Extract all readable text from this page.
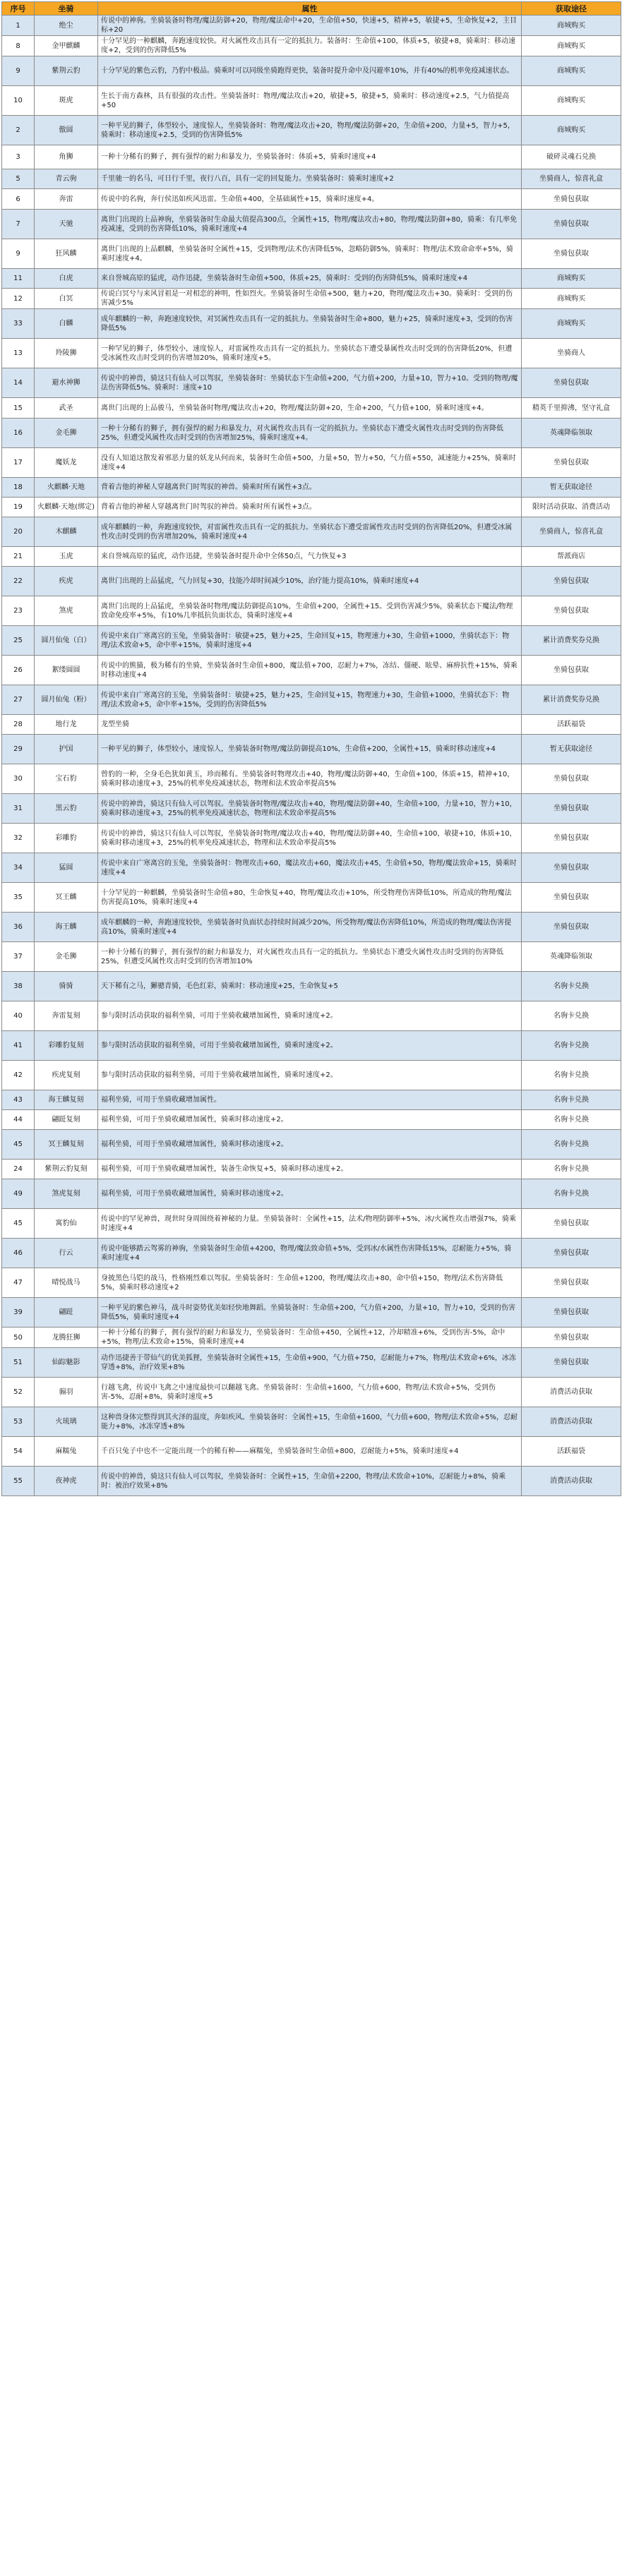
序号	坐骑	属性	获取途径
1	绝尘	传说中的神驹。坐骑装备时物理/魔法防御+20，物理/魔法命中+20，生命值+50，快速+5，精神+5，敏捷+5，生命恢复+2，主目标+20	商城购买
8	金甲麒麟	十分罕见的一种麒麟，奔跑速度较快。对火属性攻击具有一定的抵抗力。装备时：生命值+100，体质+5，敏捷+8，骑乘时：移动速度+2，受到的伤害降低5%	商城购买
9	紫荆云豹	十分罕见的紫色云豹，乃豹中极品。骑乘时可以同级坐骑跑得更快，装备时提升命中及闪避率10%，并有40%的机率免疫减速状态。	商城购买
10	斑虎	生长于南方森林，具有很强的攻击性。坐骑装备时：物理/魔法攻击+20，敏捷+5，敏捷+5，骑乘时：移动速度+2.5，气力值提高+50	商城购买
2	傲圆	一种平见的狮子，体型较小，速度惊人，坐骑装备时：物理/魔法攻击+20，物理/魔法防御+20，生命值+200，力量+5，智力+5，骑乘时：移动速度+2.5，受到的伤害降低5%	商城购买
3	角狮	一种十分稀有的狮子，拥有强悍的耐力和暴发力，坐骑装备时：体质+5，骑乘时速度+4	破碎灵魂石兑换
5	青云驹	千里驰一的名马，可日行千里，夜行八百，具有一定的回复能力。坐骑装备时：骑乘时速度+2	坐骑商人，惊喜礼盒
6	奔雷	传说中的名驹，奔行侯迅如疾风迅雷。生命值+400，全基础属性+15，骑乘时速度+4。	坐骑包获取
7	天驰	离世门出现的上品神驹，坐骑装备时生命最大值提高300点，全属性+15，物理/魔法攻击+80，物理/魔法防御+80，骑乘：有几率免疫减速，受到的伤害降低10%，骑乘时速度+4	坐骑包获取
9	狂风麟	离世门出现的上品麒麟，坐骑装备时全属性+15，受到物理/法术伤害降低5%，忽略防御5%，骑乘时：物理/法术致命命率+5%，骑乘时速度+4。	坐骑包获取
11	白虎	来自誉城高原的猛虎，动作迅捷，坐骑装备时生命值+500，体质+25，骑乘时：受到的伤害降低5%，骑乘时速度+4	商城购买
12	白冥	传说白冥兮与来风冒祖是一对相恋的神明，性如烈火。坐骑装备时生命值+500，魅力+20，物理/魔法攻击+30。骑乘时：受到的伤害减少5%	商城购买
33	白麟	成年麒麟的一种，奔跑速度较快，对冥属性攻击具有一定的抵抗力。坐骑装备时生命+800，魅力+25，骑乘时速度+3，受到的伤害降低5%	商城购买
13	羚陵狮	一种罕见的狮子，体型较小，速度惊人，对雷属性攻击具有一定的抵抗力。坐骑状态下遭受暴属性攻击时受到的伤害降低20%，但遭受冰属性攻击时受到的伤害增加20%，骑乘时速度+5。	坐骑商人
14	避水神狮	传说中的神兽，骑这只有仙人可以驾驭，坐骑装备时：坐骑状态下生命值+200，气力值+200，力量+10，智力+10。受到的物理/魔法伤害降低5%。骑乘时：速度+10	坐骑包获取
15	武圣	离世门出现的上品骏马，坐骑装备时物理/魔法攻击+20，物理/魔法防御+20，生命+200，气力值+100，骑乘时速度+4。	精英千里抑沸，坚守礼盒
16	金毛狮	一种十分稀有的狮子，拥有强悍的耐力和暴发力，对火属性攻击具有一定的抵抗力。坐骑状态下遭受火属性攻击时受到的伤害降低25%，但遭受风属性攻击时受到的伤害增加25%，骑乘时速度+4。	英魂降临领取
17	魔妖龙	没有人知道这散发着邪恶力量的妖龙从何而来，装备时生命值+500，力量+50，智力+50，气力值+550，减速能力+25%，骑乘时速度+4	坐骑包获取
18	火麒麟·天地	背着吉他的神秘人穿越离世门时驾驭的神兽。骑乘时所有属性+3点。	暂无获取途径
19	火麒麟·天地(绑定)	背着吉他的神秘人穿越离世门时驾驭的神兽。骑乘时所有属性+3点。	限时活动获取、消费活动
20	木麒麟	成年麒麟的一种，奔跑速度较快，对雷属性攻击具有一定的抵抗力。坐骑状态下遭受雷属性攻击时受到的伤害降低20%，但遭受冰属性攻击时受到的伤害增加20%，骑乘时速度+4	坐骑商人，惊喜礼盒
21	玉虎	来自誉城高原的猛虎，动作迅捷，坐骑装备时提升命中全体50点，气力恢复+3	帮派商店
22	疾虎	离世门出现的上品猛虎，气力回复+30，技能冷却时间减少10%，治疗能力提高10%，骑乘时速度+4	坐骑包获取
23	煞虎	离世门出现的上品猛虎，坐骑装备时物理/魔法防御提高10%，生命值+200，全属性+15。受到伤害减少5%，骑乘状态下魔法/物理致命免疫率+5%，有10%几率抵抗负面状态，骑乘时速度+4	坐骑包获取
25	圆月仙兔（白）	传说中来自广寒离宫的玉兔，坐骑装备时：敏捷+25，魅力+25，生命回复+15，物理速力+30，生命值+1000，坐骑状态下：物理/法术致命+5，命中率+15%，骑乘时速度+4	累计消费奖券兑换
26	絮缕圆圆	传说中的熊猫，极为稀有的坐骑，坐骑装备时生命值+800，魔法值+700，忍耐力+7%，冻结、僵硬、眩晕、麻痹抗性+15%，骑乘时移动速度+4	坐骑包获取
27	圆月仙兔（粉）	传说中来自广寒离宫的玉兔，坐骑装备时：敏捷+25，魅力+25，生命回复+15，物理速力+30，生命值+1000，坐骑状态下：物理/法术致命+5，命中率+15%，受到的伤害降低5%	累计消费奖券兑换
28	地行龙	龙型坐骑	活跃福袋
29	护国	一种平见的狮子，体型较小，速度惊人，坐骑装备时物理/魔法防御提高10%，生命值+200，全属性+15，骑乘时移动速度+4	暂无获取途径
30	宝石豹	曾豹的一种，全身毛色犹如黄玉，珍而稀有。坐骑装备时物理攻击+40，物理/魔法防御+40，生命值+100，体质+15，精神+10，骑乘时移动速度+3，25%的机率免疫减速状态，物理和法术致命率提高5%	坐骑包获取
31	黑云豹	传说中的神兽，骑这只有仙人可以驾驭。坐骑装备时物理/魔法攻击+40，物理/魔法防御+40，生命值+100，力量+10，智力+10，骑乘时移动速度+3，25%的机率免疫减速状态，物理和法术致命率提高5%	坐骑包获取
32	彩雕豹	传说中的神兽，骑这只有仙人可以驾驭，坐骑装备时物理/魔法攻击+40，物理/魔法防御+40，生命值+100，敏捷+10，体质+10，骑乘时移动速度+3，25%的机率免疫减速状态，物理和法术致命率提高5%	坐骑包获取
34	猛圆	传说中来自广寒离宫的玉兔，坐骑装备时：物理攻击+60，魔法攻击+60，魔法攻击+45，生命值+50，物理/魔法致命+15，骑乘时速度+4	坐骑包获取
35	冥王麟	十分罕见的一种麒麟，坐骑装备时生命值+80，生命恢复+40，物理/魔法攻击+10%，所受物理伤害降低10%，所造成的物理/魔法伤害提高10%，骑乘时速度+4	坐骑包获取
36	海王麟	成年麒麟的一种，奔跑速度较快，坐骑装备时负面状态持续时间减少20%，所受物理/魔法伤害降低10%，所造成的物理/魔法伤害提高10%，骑乘时速度+4	坐骑包获取
37	金毛狮	一种十分稀有的狮子，拥有强悍的耐力和暴发力，对火属性攻击具有一定的抵抗力。坐骑状态下遭受火属性攻击时受到的伤害降低25%，但遭受风属性攻击时受到的伤害增加10%	英魂降临领取
38	骑骑	天下稀有之马，獬骢青骑，毛色红彩，骑乘时：移动速度+25，生命恢复+5	名驹卡兑换
40	奔雷复刻	参与限时活动获取的福利坐骑，可用于坐骑收藏增加属性，骑乘时速度+2。	名驹卡兑换
41	彩雕豹复刻	参与限时活动获取的福利坐骑，可用于坐骑收藏增加属性，骑乘时速度+2。	名驹卡兑换
42	疾虎复刻	参与限时活动获取的福利坐骑，可用于坐骑收藏增加属性，骑乘时速度+2。	名驹卡兑换
43	海王麟复刻	福利坐骑，可用于坐骑收藏增加属性。	名驹卡兑换
44	翩跹复刻	福利坐骑，可用于坐骑收藏增加属性，骑乘时移动速度+2。	名驹卡兑换
45	冥王麟复刻	福利坐骑，可用于坐骑收藏增加属性，骑乘时移动速度+2。	名驹卡兑换
24	紫荆云豹复刻	福利坐骑，可用于坐骑收藏增加属性，装备生命恢复+5，骑乘时移动速度+2。	名驹卡兑换
49	煞虎复刻	福利坐骑，可用于坐骑收藏增加属性，骑乘时移动速度+2。	名驹卡兑换
45	寓豹仙	传说中的罕见神兽，现世时身周围绕着神秘的力量。坐骑装备时：全属性+15，法术/物理防御率+5%，冰/火属性攻击增强7%，骑乘时速度+4	坐骑包获取
46	行云	传说中能够踏云驾雾的神驹，坐骑装备时生命值+4200，物理/魔法致命值+5%，受到冰/水属性伤害降低15%，忍耐能力+5%，骑乘时速度+4	坐骑包获取
47	晴悦战马	身披黑色马铠的战马，性格刚烈难以驾驭。坐骑装备时：生命值+1200，物理/魔法攻击+80，命中值+150，物理/法术伤害降低5%，骑乘时移动速度+2	坐骑包获取
39	翩跹	一种平见的紫色神马，战斗时姿势优美如轻快地舞蹈。坐骑装备时：生命值+200，气力值+200，力量+10，智力+10，受到的伤害降低5%，骑乘时速度+4	坐骑包获取
50	龙腾狂狮	一种十分稀有的狮子，拥有强悍的耐力和暴发力，坐骑装备时：生命值+450，全属性+12，冷却精准+6%，受到伤害-5%，命中+5%，物理/法术致命+15%，骑乘时速度+4	坐骑包获取
51	仙踪魅影	动作迅捷善于带仙气的优美狐狸，坐骑装备时全属性+15，生命值+900，气力值+750，忍耐能力+7%，物理/法术致命+6%，冰冻穿透+8%，治疗效果+8%	坐骑包获取
52	骟羽	行越飞禽，传说中飞禽之中速度最快可以翻越飞禽。坐骑装备时：生命值+1600，气力值+600，物理/法术致命+5%，受到伤害-5%，忍耐+8%，骑乘时速度+5	消费活动获取
53	火琉璃	这种兽身体完整得到其火泽的温度，奔如疾风。坐骑装备时：全属性+15，生命值+1600，气力值+600，物理/法术致命+5%，忍耐能力+8%，冰冻穿透+8%	消费活动获取
54	麻糯兔	千百只兔子中也不一定能出现一个的稀有种——麻糯兔，坐骑装备时生命值+800，忍耐能力+5%，骑乘时速度+4	活跃福袋
55	夜神虎	传说中的神兽，骑这只有仙人可以驾驭，坐骑装备时：全属性+15，生命值+2200，物理/法术致命+10%，忍耐能力+8%，骑乘时：被治疗效果+8%	消费活动获取
